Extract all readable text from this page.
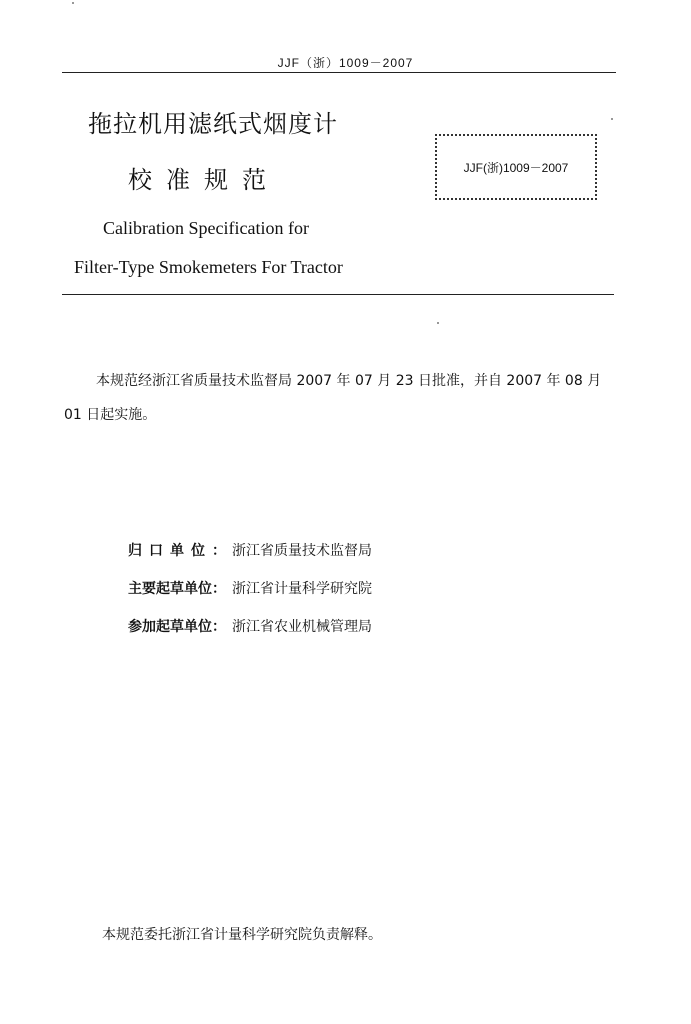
JJF（浙）1009－2007
拖拉机用滤纸式烟度计
校准规范	JJF(浙)1009－2007
Calibration Specification for
Filter-Type Smokemeters For Tractor
本规范经浙江省质量技术监督局 2007 年 07 月 23 日批准，并自 2007 年 08 月 01 日起实施。
归口单位：浙江省质量技术监督局
主要起草单位： 浙江省计量科学研究院
参加起草单位： 浙江省农业机械管理局
本规范委托浙江省计量科学研究院负责解释。
